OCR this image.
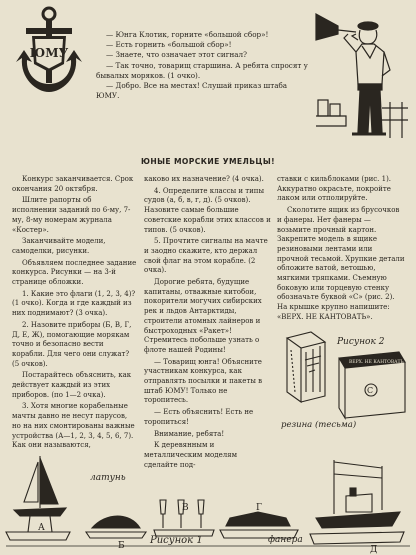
ЮМУ

— Юнга Клотик, горните «большой сбор»!

— Есть горнить «большой сбор»!

— Знаете, что означает этот сигнал?

— Так точно, товарищ старшина. А ребята спросят у бывалых моряков. (1 очко).

— Добро. Все на местах! Слушай приказ штаба ЮМУ.

ЮНЫЕ МОРСКИЕ УМЕЛЬЦЫ!

Конкурс заканчивается. Срок окончания 20 октября.

Шлите рапорты об исполнении заданий по 6-му, 7-му, 8-му номерам журнала «Костер».

Заканчивайте модели, самоделки, рисунки.

Объявляем последнее задание конкурса. Рисунки — на 3-й странице обложки.

1. Какие это флаги (1, 2, 3, 4)? (1 очко). Когда и где каждый из них поднимают? (3 очка).

2. Назовите приборы (Б, В, Г, Д, Е, Ж), помогающие морякам точно и безопасно вести корабли. Для чего они служат? (5 очков).

Постарайтесь объяснить, как действует каждый из этих приборов. (по 1—2 очка).

3. Хотя многие корабельные мачты давно не несут парусов, но на них смонтированы важные устройства (А—1, 2, 3, 4, 5, 6, 7). Как они называются,

каково их назначение? (4 очка).

4. Определите классы и типы судов (а, б, в, г, д). (5 очков). Назовите самые большие советские корабли этих классов и типов. (5 очков).

5. Прочтите сигналы на мачте и заодно скажите, кто держал свой флаг на этом корабле. (2 очка).

Дорогие ребята, будущие капитаны, отважные китобои, покорители могучих сибирских рек и льдов Антарктиды, строители атомных лайнеров и быстроходных «Ракет»! Стремитесь побольше узнать о флоте нашей Родины!

— Товарищ юнга! Объясните участникам конкурса, как отправлять посылки и пакеты в штаб ЮМУ! Только не торопитесь.

— Есть объяснить! Есть не торопиться!

Внимание, ребята!

К деревянным и металлическим моделям сделайте под-

ставки с кильблоками (рис. 1). Аккуратно окрасьте, покройте лаком или отполируйте.

Сколотите ящик из брусочков и фанеры. Нет фанеры — возьмите прочный картон. Закрепите модель в ящике резиновыми лентами или прочной тесьмой. Хрупкие детали обложите ватой, ветошью, мягкими тряпками. Съемную боковую или торцевую стенку обозначьте буквой «С» (рис. 2). На крышке крупно напишите: «ВЕРХ. НЕ КАНТОВАТЬ».

Рисунок 2
ВЕРХ. НЕ КАНТОВАТЬ
С
резина (тесьма)
латунь
фанера
Рисунок 1
А
Б
В	Г
Д
